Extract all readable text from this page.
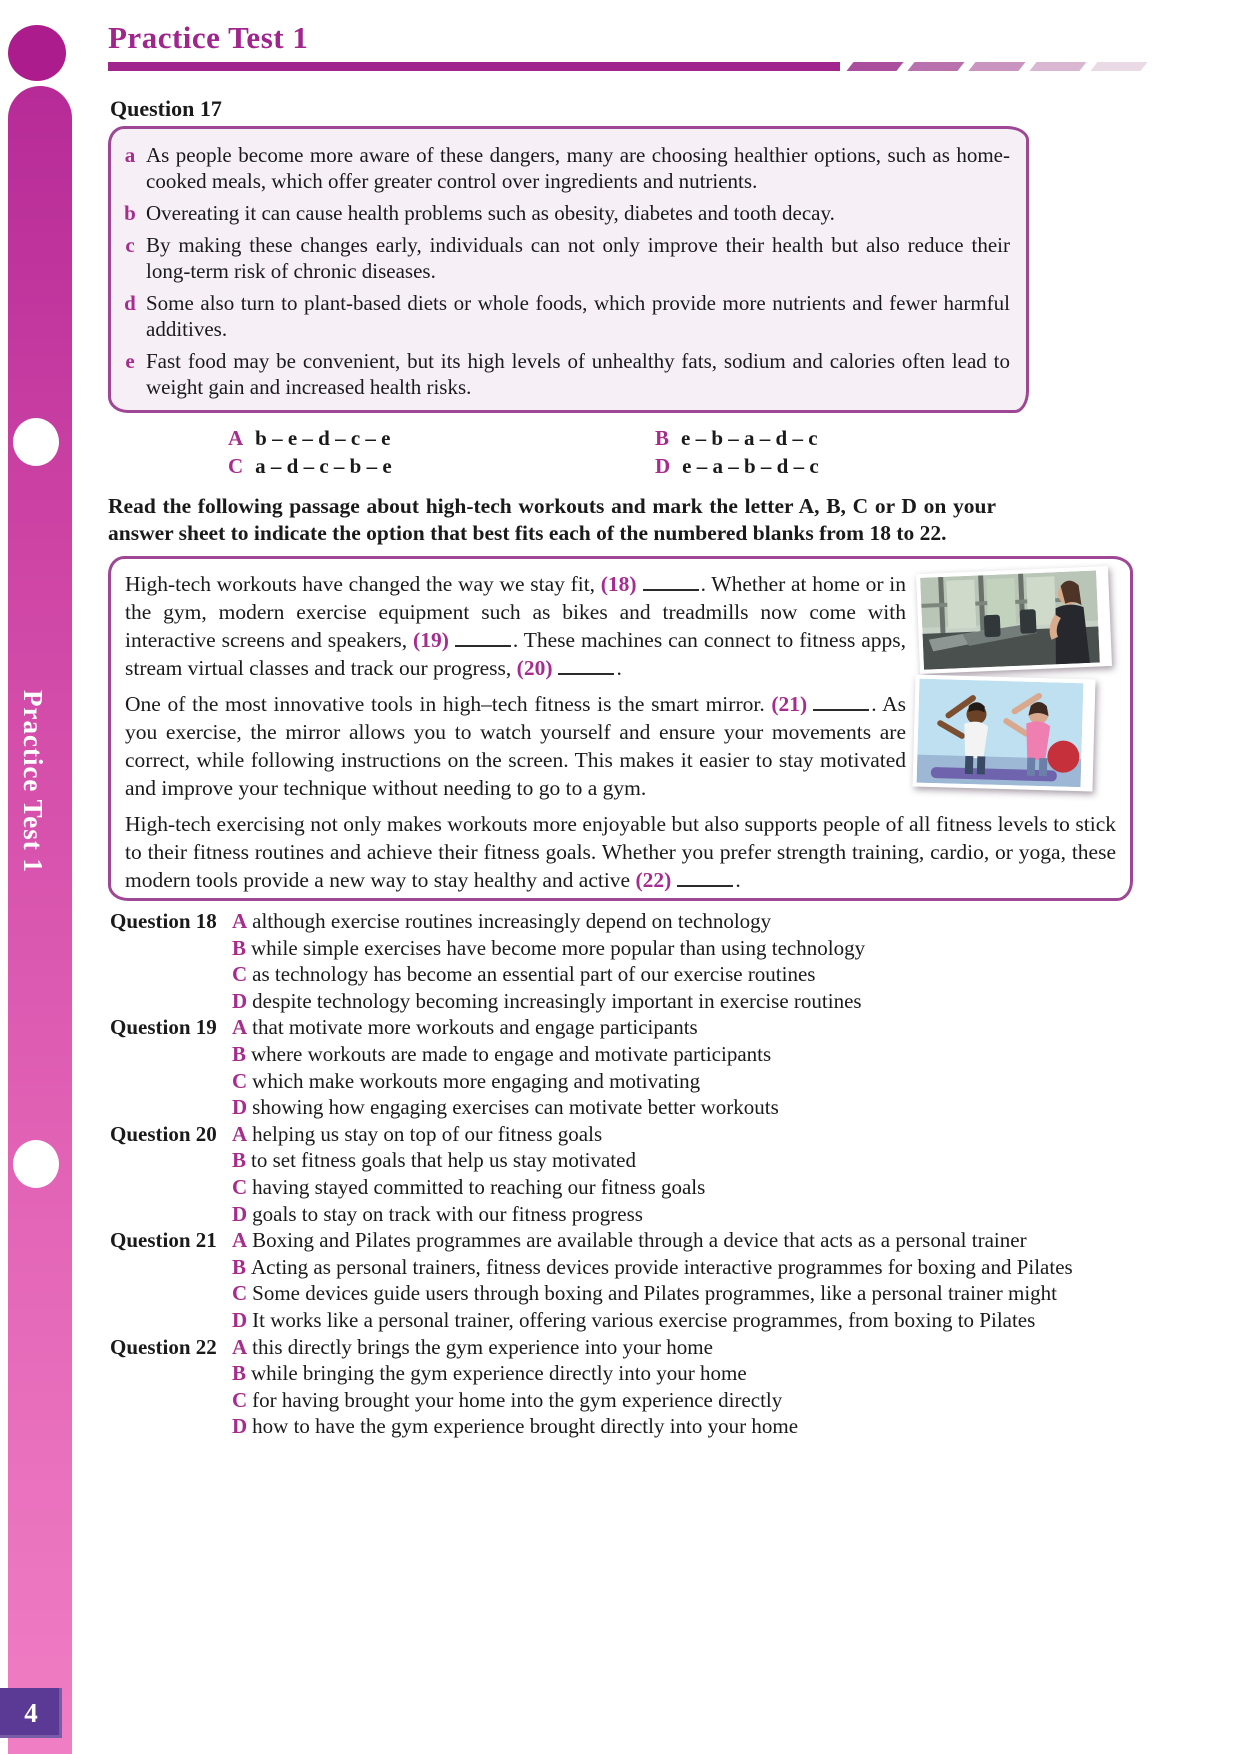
Practice Test 1
4
Practice Test 1
Question 17
a As people become more aware of these dangers, many are choosing healthier options, such as home-cooked meals, which offer greater control over ingredients and nutrients.
b Overeating it can cause health problems such as obesity, diabetes and tooth decay.
c By making these changes early, individuals can not only improve their health but also reduce their long-term risk of chronic diseases.
d Some also turn to plant-based diets or whole foods, which provide more nutrients and fewer harmful additives.
e Fast food may be convenient, but its high levels of unhealthy fats, sodium and calories often lead to weight gain and increased health risks.
A b – e – d – c – e	B e – b – a – d – c
C a – d – c – b – e	D e – a – b – d – c
Read the following passage about high-tech workouts and mark the letter A, B, C or D on your answer sheet to indicate the option that best fits each of the numbered blanks from 18 to 22.

High-tech workouts have changed the way we stay fit, (18)	. Whether at home or in the gym, modern exercise equipment such as bikes and treadmills now come with interactive screens and speakers, (19)	. These machines can connect to fitness apps, stream virtual classes and track our progress, (20)	.

One of the most innovative tools in high–tech fitness is the smart mirror. (21)	. As you exercise, the mirror allows you to watch yourself and ensure your movements are correct, while following instructions on the screen. This makes it easier to stay motivated and improve your technique without needing to go to a gym.

High-tech exercising not only makes workouts more enjoyable but also supports people of all fitness levels to stick to their fitness routines and achieve their fitness goals. Whether you prefer strength training, cardio, or yoga, these modern tools provide a new way to stay healthy and active (22)	.

Question 18 A although exercise routines increasingly depend on technology
B while simple exercises have become more popular than using technology
C as technology has become an essential part of our exercise routines
D despite technology becoming increasingly important in exercise routines
Question 19 A that motivate more workouts and engage participants
B where workouts are made to engage and motivate participants
C which make workouts more engaging and motivating
D showing how engaging exercises can motivate better workouts
Question 20 A helping us stay on top of our fitness goals
B to set fitness goals that help us stay motivated
C having stayed committed to reaching our fitness goals
D goals to stay on track with our fitness progress
Question 21 A Boxing and Pilates programmes are available through a device that acts as a personal trainer
B Acting as personal trainers, fitness devices provide interactive programmes for boxing and Pilates
C Some devices guide users through boxing and Pilates programmes, like a personal trainer might
D It works like a personal trainer, offering various exercise programmes, from boxing to Pilates
Question 22 A this directly brings the gym experience into your home
B while bringing the gym experience directly into your home
C for having brought your home into the gym experience directly
D how to have the gym experience brought directly into your home
